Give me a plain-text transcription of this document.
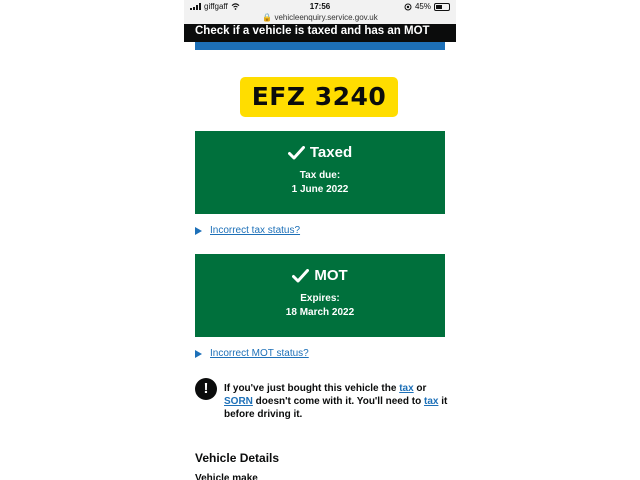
giffgaff	17:56	45%
🔒 vehicleenquiry.service.gov.uk
Check if a vehicle is taxed and has an MOT
EFZ 3240
Taxed
Tax due:
1 June 2022
Incorrect tax status?
MOT
Expires:
18 March 2022
Incorrect MOT status?
!	If you've just bought this vehicle the tax or SORN doesn't come with it. You'll need to tax it before driving it.
Vehicle Details
Vehicle make
